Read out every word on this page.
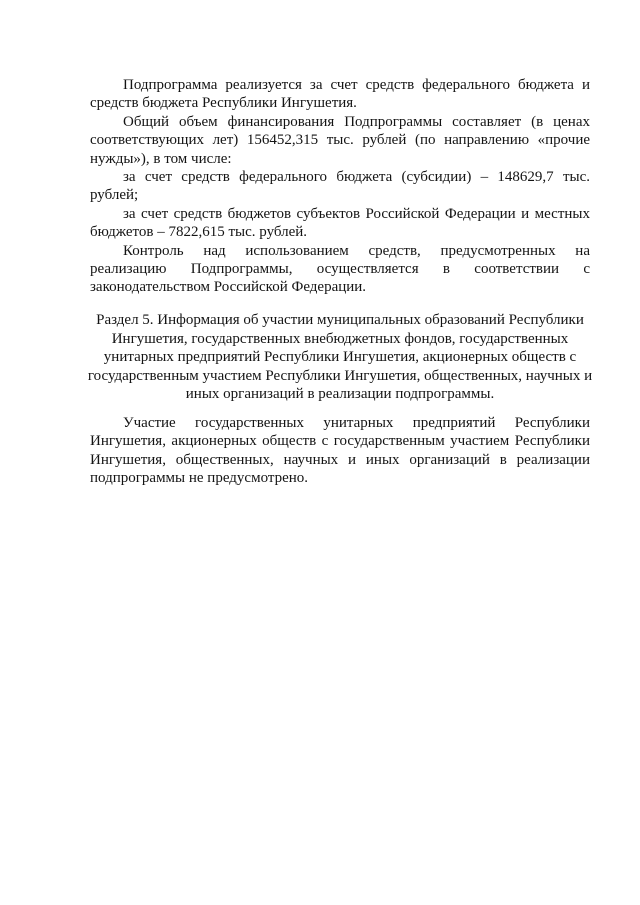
Подпрограмма реализуется за счет средств федерального бюджета и средств бюджета Республики Ингушетия.

Общий объем финансирования Подпрограммы составляет (в ценах соответствующих лет) 156452,315 тыс. рублей (по направлению «прочие нужды»), в том числе:

за счет средств федерального бюджета (субсидии) – 148629,7 тыс. рублей;

за счет средств бюджетов субъектов Российской Федерации и местных бюджетов – 7822,615 тыс. рублей.

Контроль над использованием средств, предусмотренных на реализацию Подпрограммы, осуществляется в соответствии с законодательством Российской Федерации.

Раздел 5. Информация об участии муниципальных образований Республики Ингушетия, государственных внебюджетных фондов, государственных унитарных предприятий Республики Ингушетия, акционерных обществ с государственным участием Республики Ингушетия, общественных, научных и иных организаций в реализации подпрограммы.

Участие государственных унитарных предприятий Республики Ингушетия, акционерных обществ с государственным участием Республики Ингушетия, общественных, научных и иных организаций в реализации подпрограммы не предусмотрено.
